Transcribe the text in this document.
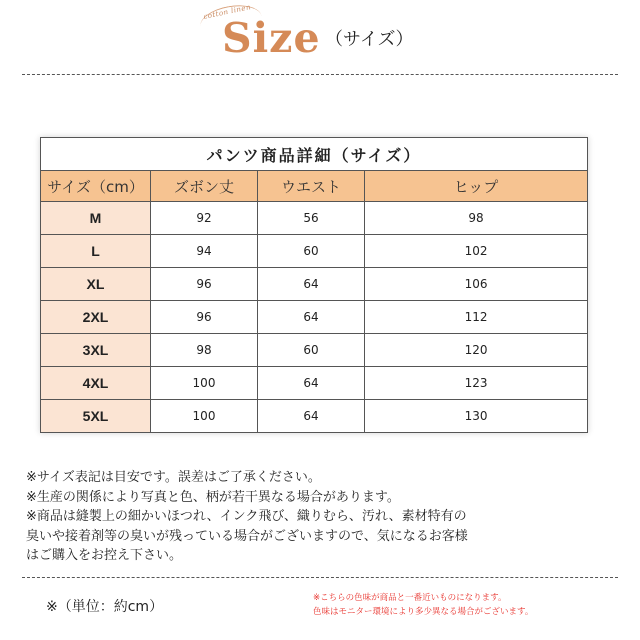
cotton linen
Size （サイズ）
パンツ商品詳細（サイズ）			
サイズ（cm）	ズボン丈	ウエスト	ヒップ
M	92	56	98
L	94	60	102
XL	96	64	106
2XL	96	64	112
3XL	98	60	120
4XL	100	64	123
5XL	100	64	130
※サイズ表記は目安です。誤差はご了承ください。
※生産の関係により写真と色、柄が若干異なる場合があります。
※商品は縫製上の細かいほつれ、インク飛び、織りむら、汚れ、素材特有の
臭いや接着剤等の臭いが残っている場合がございますので、気になるお客様
はご購入をお控え下さい。
※（単位：約cm）
※こちらの色味が商品と一番近いものになります。
色味はモニター環境により多少異なる場合がございます。
